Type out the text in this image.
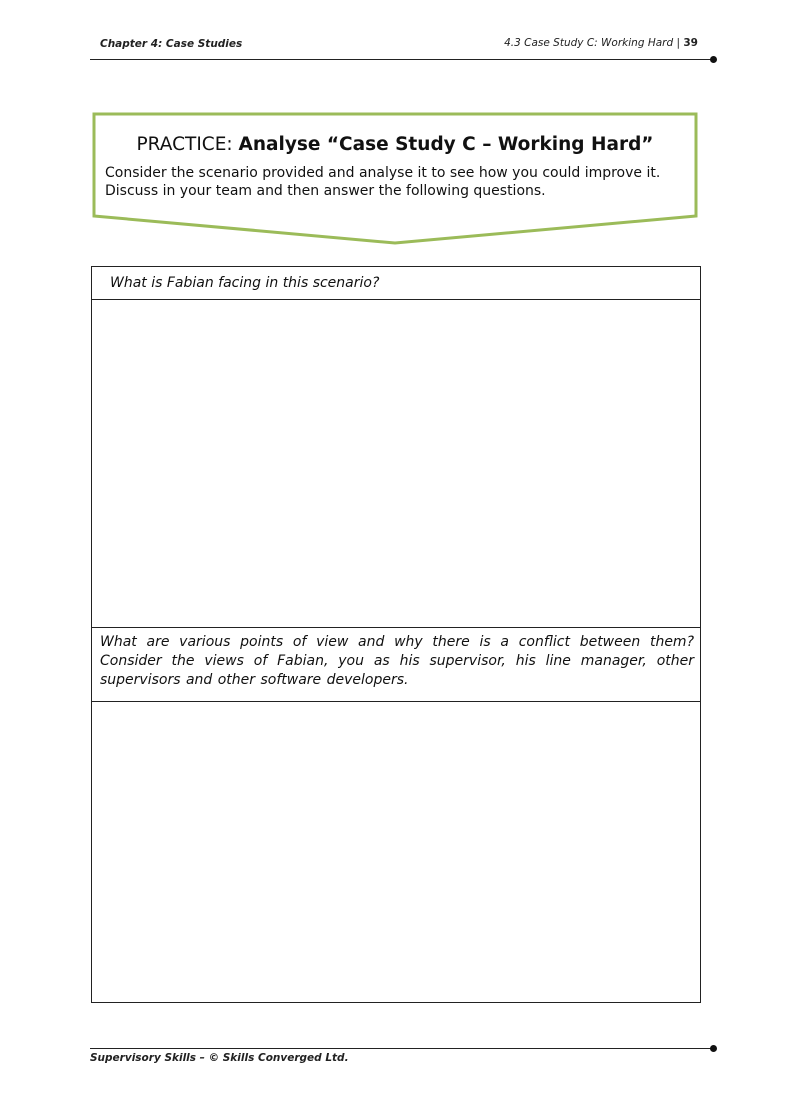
Chapter 4: Case Studies	4.3 Case Study C: Working Hard | 39
PRACTICE: Analyse “Case Study C – Working Hard”
Consider the scenario provided and analyse it to see how you could improve it. Discuss in your team and then answer the following questions.
What is Fabian facing in this scenario?
What are various points of view and why there is a conflict between them? Consider the views of Fabian, you as his supervisor, his line manager, other supervisors and other software developers.
Supervisory Skills – © Skills Converged Ltd.
